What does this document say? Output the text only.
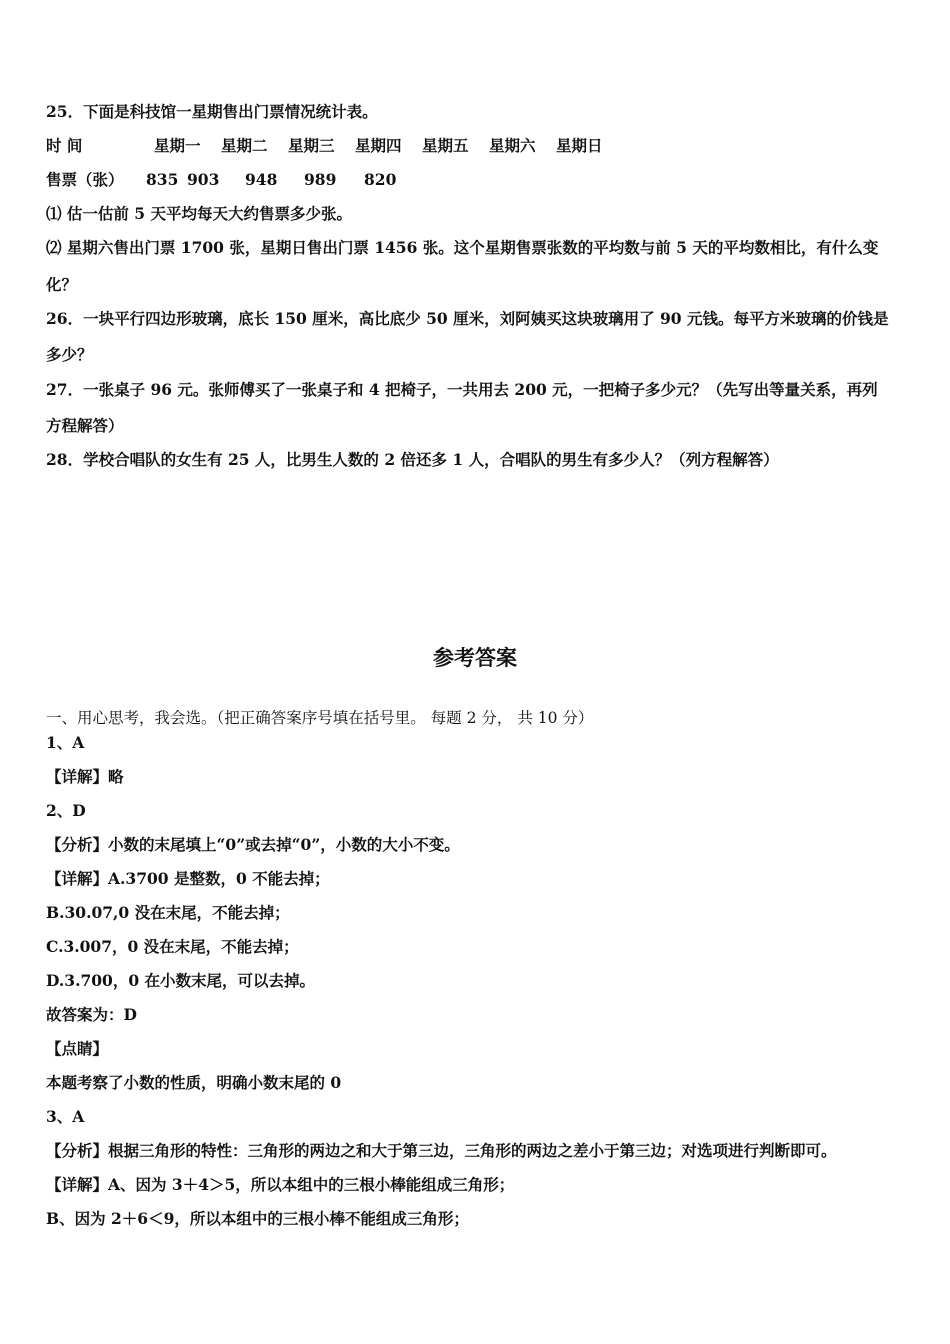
25．下面是科技馆一星期售出门票情况统计表。
时 间	星期一 星期二 星期三 星期四 星期五 星期六 星期日
售票（张） 835 903 948 989 820
⑴ 估一估前 5 天平均每天大约售票多少张。
⑵ 星期六售出门票 1700 张，星期日售出门票 1456 张。这个星期售票张数的平均数与前 5 天的平均数相比，有什么变
化？
26．一块平行四边形玻璃，底长 150 厘米，高比底少 50 厘米，刘阿姨买这块玻璃用了 90 元钱。每平方米玻璃的价钱是
多少？
27．一张桌子 96 元。张师傅买了一张桌子和 4 把椅子，一共用去 200 元，一把椅子多少元？（先写出等量关系，再列
方程解答）
28．学校合唱队的女生有 25 人，比男生人数的 2 倍还多 1 人，合唱队的男生有多少人？（列方程解答）
参考答案
一、用心思考，我会选。（把正确答案序号填在括号里。 每题 2 分， 共 10 分）
1、A
【详解】略
2、D
【分析】小数的末尾填上“0”或去掉“0”，小数的大小不变。
【详解】A.3700 是整数，0 不能去掉；
B.30.07,0 没在末尾，不能去掉；
C.3.007，0 没在末尾，不能去掉；
D.3.700，0 在小数末尾，可以去掉。
故答案为：D
【点睛】
本题考察了小数的性质，明确小数末尾的 0
3、A
【分析】根据三角形的特性：三角形的两边之和大于第三边，三角形的两边之差小于第三边；对选项进行判断即可。
【详解】A、因为 3＋4＞5，所以本组中的三根小棒能组成三角形；
B、因为 2＋6＜9，所以本组中的三根小棒不能组成三角形；
